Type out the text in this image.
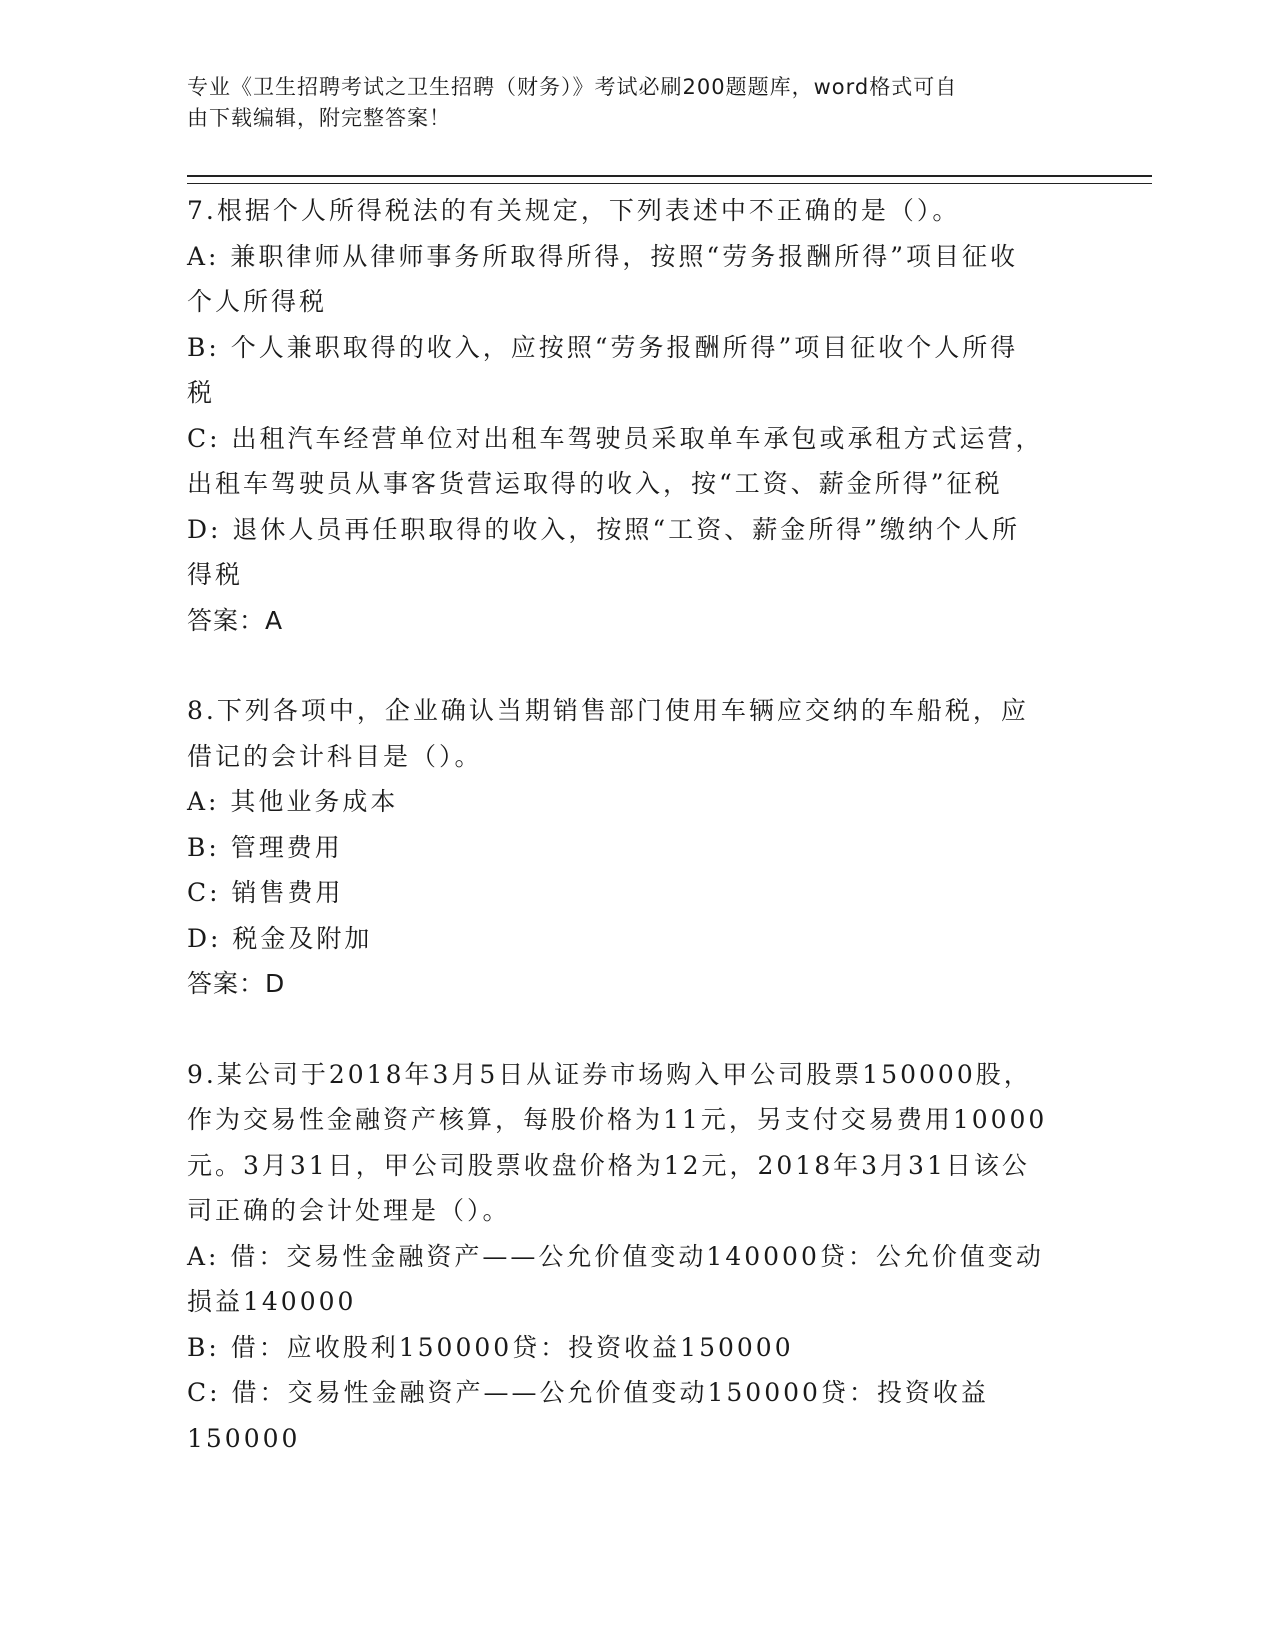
专业《卫生招聘考试之卫生招聘（财务）》考试必刷200题题库，word格式可自
由下载编辑，附完整答案！
7.根据个人所得税法的有关规定，下列表述中不正确的是（）。
A: 兼职律师从律师事务所取得所得，按照“劳务报酬所得”项目征收
个人所得税
B: 个人兼职取得的收入，应按照“劳务报酬所得”项目征收个人所得
税
C: 出租汽车经营单位对出租车驾驶员采取单车承包或承租方式运营，
出租车驾驶员从事客货营运取得的收入，按“工资、薪金所得”征税
D: 退休人员再任职取得的收入，按照“工资、薪金所得”缴纳个人所
得税
答案：A
8.下列各项中，企业确认当期销售部门使用车辆应交纳的车船税，应
借记的会计科目是（）。
A: 其他业务成本
B: 管理费用
C: 销售费用
D: 税金及附加
答案：D
9.某公司于2018年3月5日从证券市场购入甲公司股票150000股，
作为交易性金融资产核算，每股价格为11元，另支付交易费用10000
元。3月31日，甲公司股票收盘价格为12元，2018年3月31日该公
司正确的会计处理是（）。
A: 借：交易性金融资产——公允价值变动140000贷：公允价值变动
损益140000
B: 借：应收股利150000贷：投资收益150000
C: 借：交易性金融资产——公允价值变动150000贷：投资收益
150000
